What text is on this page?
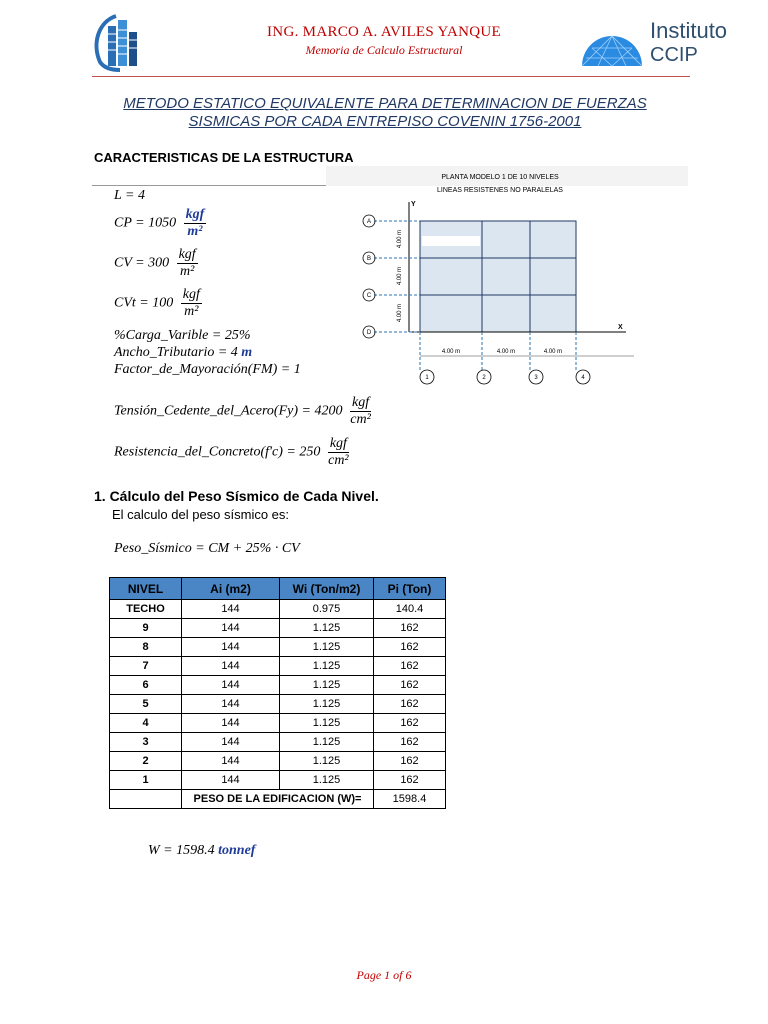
ING. MARCO A. AVILES YANQUE
Memoria de Calculo Estructural
Instituto
CCIP
METODO ESTATICO EQUIVALENTE PARA DETERMINACION DE FUERZAS
SISMICAS POR CADA ENTREPISO COVENIN 1756-2001
CARACTERISTICAS DE LA ESTRUCTURA
L = 4
CP = $1050 \frac{\text{kgf}}{\text{m²}}$
CV = $300 \frac{\text{kgf}}{\text{m²}}$
CVt = $100 \frac{\text{kgf}}{\text{m²}}$
%Carga_Varible = 25%
Ancho_Tributario = 4 m
Factor_de_Mayoración(FM) = 1
Tensión_Cedente_del_Acero(Fy) = $4200 \frac{\text{kgf}}{\text{cm²}}$
Resistencia_del_Concreto(f'c) = $250 \frac{\text{kgf}}{\text{cm²}}$
PLANTA MODELO 1 DE 10 NIVELES
LINEAS RESISTENES NO PARALELAS
Y
X
A
B
C
D
1	2	3	4
4.00 m	4.00 m	4.00 m
4.00 m
4.00 m
4.00 m
1. Cálculo del Peso Sísmico de Cada Nivel.
El calculo del peso sísmico es:
Peso_Sísmico = CM + 25% · CV
NIVEL	Ai (m2)	Wi (Ton/m2)	Pi (Ton)
TECHO	144	0.975	140.4
9	144	1.125	162
8	144	1.125	162
7	144	1.125	162
6	144	1.125	162
5	144	1.125	162
4	144	1.125	162
3	144	1.125	162
2	144	1.125	162
1	144	1.125	162
	PESO DE LA EDIFICACION (W)=		1598.4
W = 1598.4 tonnef
Page 1 of 6
